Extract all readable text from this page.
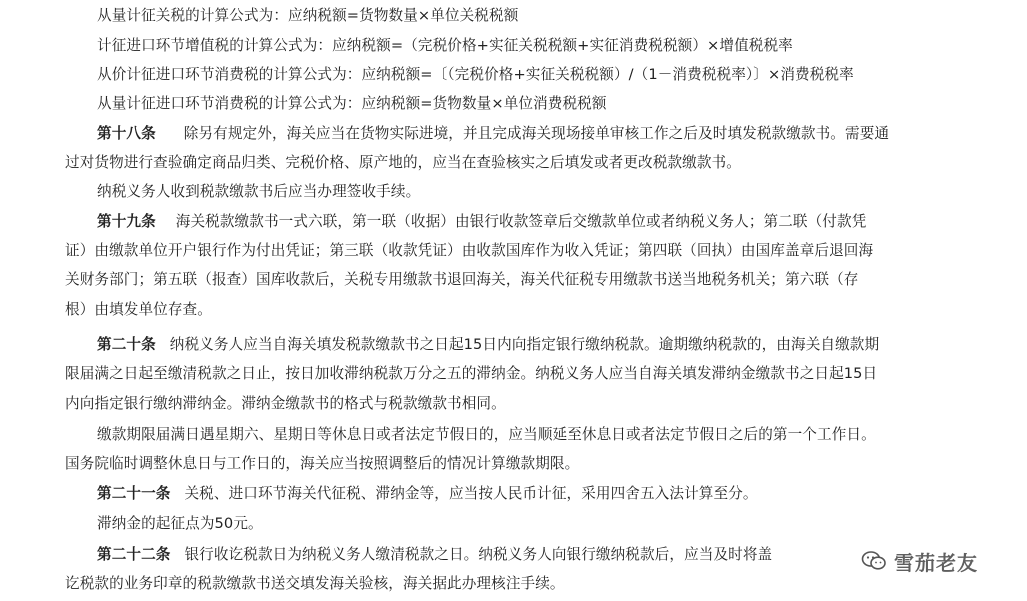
从量计征关税的计算公式为：应纳税额=货物数量×单位关税税额
计征进口环节增值税的计算公式为：应纳税额=（完税价格+实征关税税额+实征消费税税额）×增值税税率
从价计征进口环节消费税的计算公式为：应纳税额=〔（完税价格+实征关税税额）/（1－消费税税率）〕×消费税税率
从量计征进口环节消费税的计算公式为：应纳税额=货物数量×单位消费税税额
第十八条 除另有规定外，海关应当在货物实际进境，并且完成海关现场接单审核工作之后及时填发税款缴款书。需要通
过对货物进行查验确定商品归类、完税价格、原产地的，应当在查验核实之后填发或者更改税款缴款书。
纳税义务人收到税款缴款书后应当办理签收手续。
第十九条 海关税款缴款书一式六联，第一联（收据）由银行收款签章后交缴款单位或者纳税义务人；第二联（付款凭
证）由缴款单位开户银行作为付出凭证；第三联（收款凭证）由收款国库作为收入凭证；第四联（回执）由国库盖章后退回海
关财务部门；第五联（报查）国库收款后，关税专用缴款书退回海关，海关代征税专用缴款书送当地税务机关；第六联（存
根）由填发单位存查。
第二十条 纳税义务人应当自海关填发税款缴款书之日起15日内向指定银行缴纳税款。逾期缴纳税款的，由海关自缴款期
限届满之日起至缴清税款之日止，按日加收滞纳税款万分之五的滞纳金。纳税义务人应当自海关填发滞纳金缴款书之日起15日
内向指定银行缴纳滞纳金。滞纳金缴款书的格式与税款缴款书相同。
缴款期限届满日遇星期六、星期日等休息日或者法定节假日的，应当顺延至休息日或者法定节假日之后的第一个工作日。
国务院临时调整休息日与工作日的，海关应当按照调整后的情况计算缴款期限。
第二十一条 关税、进口环节海关代征税、滞纳金等，应当按人民币计征，采用四舍五入法计算至分。
滞纳金的起征点为50元。
第二十二条 银行收讫税款日为纳税义务人缴清税款之日。纳税义务人向银行缴纳税款后，应当及时将盖
讫税款的业务印章的税款缴款书送交填发海关验核，海关据此办理核注手续。
雪茄老友
